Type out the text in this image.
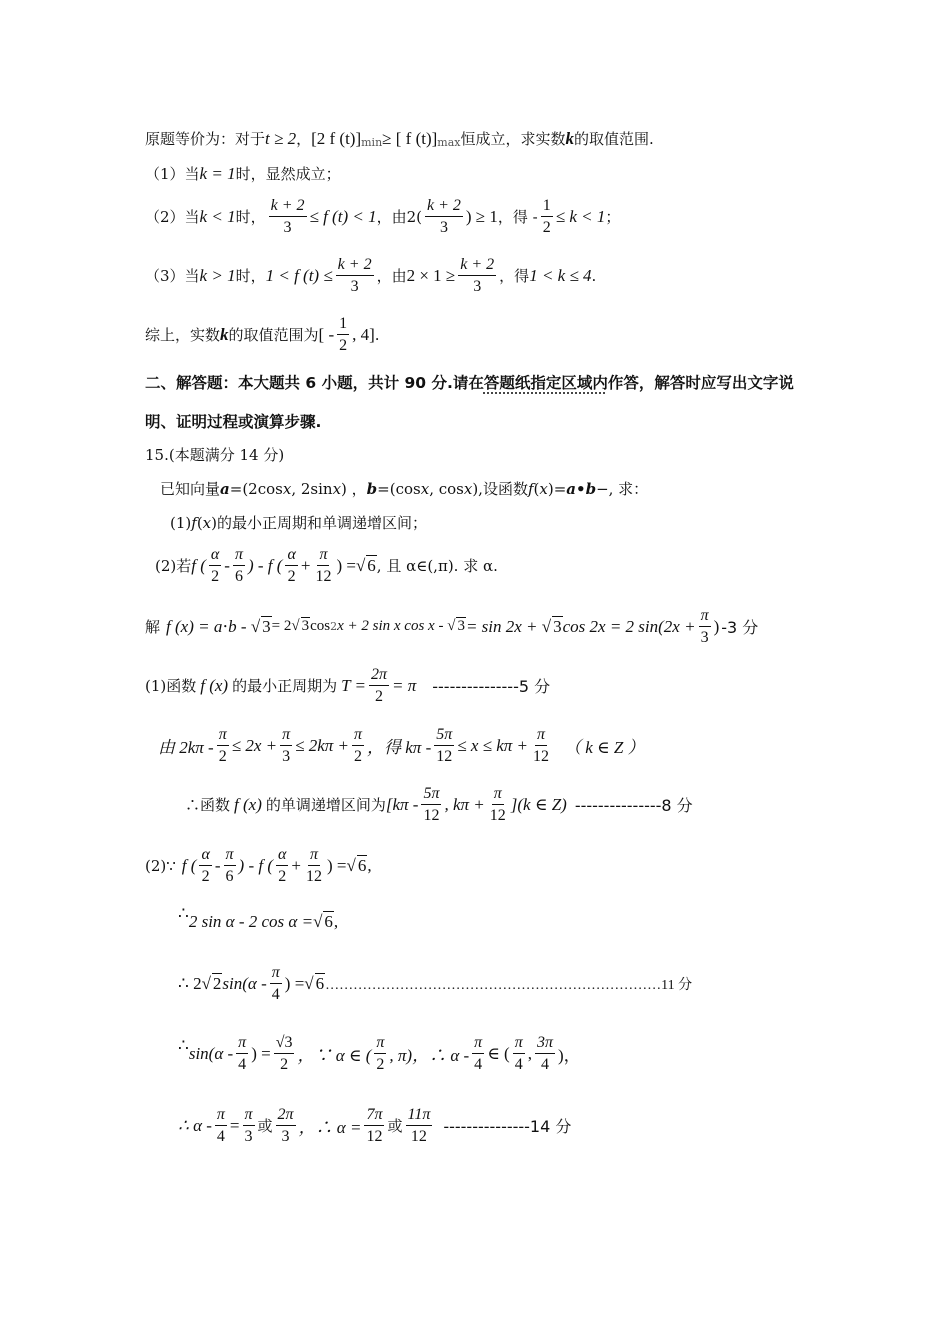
原题等价为：对于 t ≥ 2 ， [2 f (t)] min ≥ [ f (t)] max 恒成立，求实数 k 的取值范围.
（1）当 k = 1 时，显然成立；
（2）当 k < 1 时， $\frac{k + 2}{3} \le f$ (t) < 1 ，由$2( \frac{k + 2}{3}$ ) ≥ 1 ，得 - $\frac{1}{2} \le k < 1$ ；
（3）当 k > 1 时， 1 < f $(t) \le \frac{k + 2}{3}$ ，由 $2 \times 1 \ge \frac{k + 2}{3}$ ，得 1 < k ≤ 4 .
综上，实数 k 的取值范围为 [ - $\frac{1}{2}$ , 4] .
二、解答题：本大题共 6 小题，共计 90 分.请在 答题纸指定区域内 作答，解答时应写出文字说
明、证明过程或演算步骤.
15.(本题满分 14 分)
已知向量 a =(2cos x , 2sin x ) ， b =(cos x , cos x ),设函数 f ( x )= a•b −, 求：
(1) f ( x )的最小正周期和单调递增区间；
(2)若 f ( $\frac{\alpha}{2} - \frac{\pi}{6}$ ) - f ( $\frac{\alpha}{2} + \frac{\pi}{12}$ ) = √ 6 , 且 α∈(,π). 求 α.
解 f (x) = a⋅b - √ 3 = 2 √ 3 cos 2 x + 2 sin x cos x - √ 3 = sin 2x + √ 3 cos 2x = 2 $\sin(2x + \frac{\pi}{3}$ ) -3 分
(1)函数 f (x) 的最小正周期为 $T = \frac{2\pi}{2} = \pi$ ---------------5 分
由 $2k\pi - \frac{\pi}{2} \le 2x + \frac{\pi}{3} \le 2k\pi + \frac{\pi}{2}$ ，得 $k\pi - \frac{5\pi}{12} \le x \le k\pi + \frac{\pi}{12}$ （ k ∈ Z ）
∴函数 f (x) 的单调递增区间为 [$k\pi - \frac{5\pi}{12}$ , $k\pi + \frac{\pi}{12} ](k$ ∈ Z) ---------------8 分
(2)∵ f ( $\frac{\alpha}{2} - \frac{\pi}{6}$ ) - f ( $\frac{\alpha}{2} + \frac{\pi}{12}$ ) = √ 6 ,
∴ 2 sin α - 2 cos α = √ 6 ,
∴ 2 √ 2 $\sin(\alpha - \frac{\pi}{4}$ ) = √ 6 ………………………………………………………………11 分
∴ $\sin(\alpha - \frac{\pi}{4}$ ) = $\frac{√3}{2}$ ，∵ α ∈ ( $\frac{\pi}{2}$ , π)，∴ α - $\frac{\pi}{4}$ ∈ ( $\frac{\pi}{4}$ , $\frac{3\pi}{4}$ )，
∴ $\alpha - \frac{\pi}{4} = \frac{\pi}{3}$ 或 $\frac{2\pi}{3}$ ，∴ $\alpha = \frac{7\pi}{12}$ 或 $\frac{11\pi}{12} ---------------14$ 分
